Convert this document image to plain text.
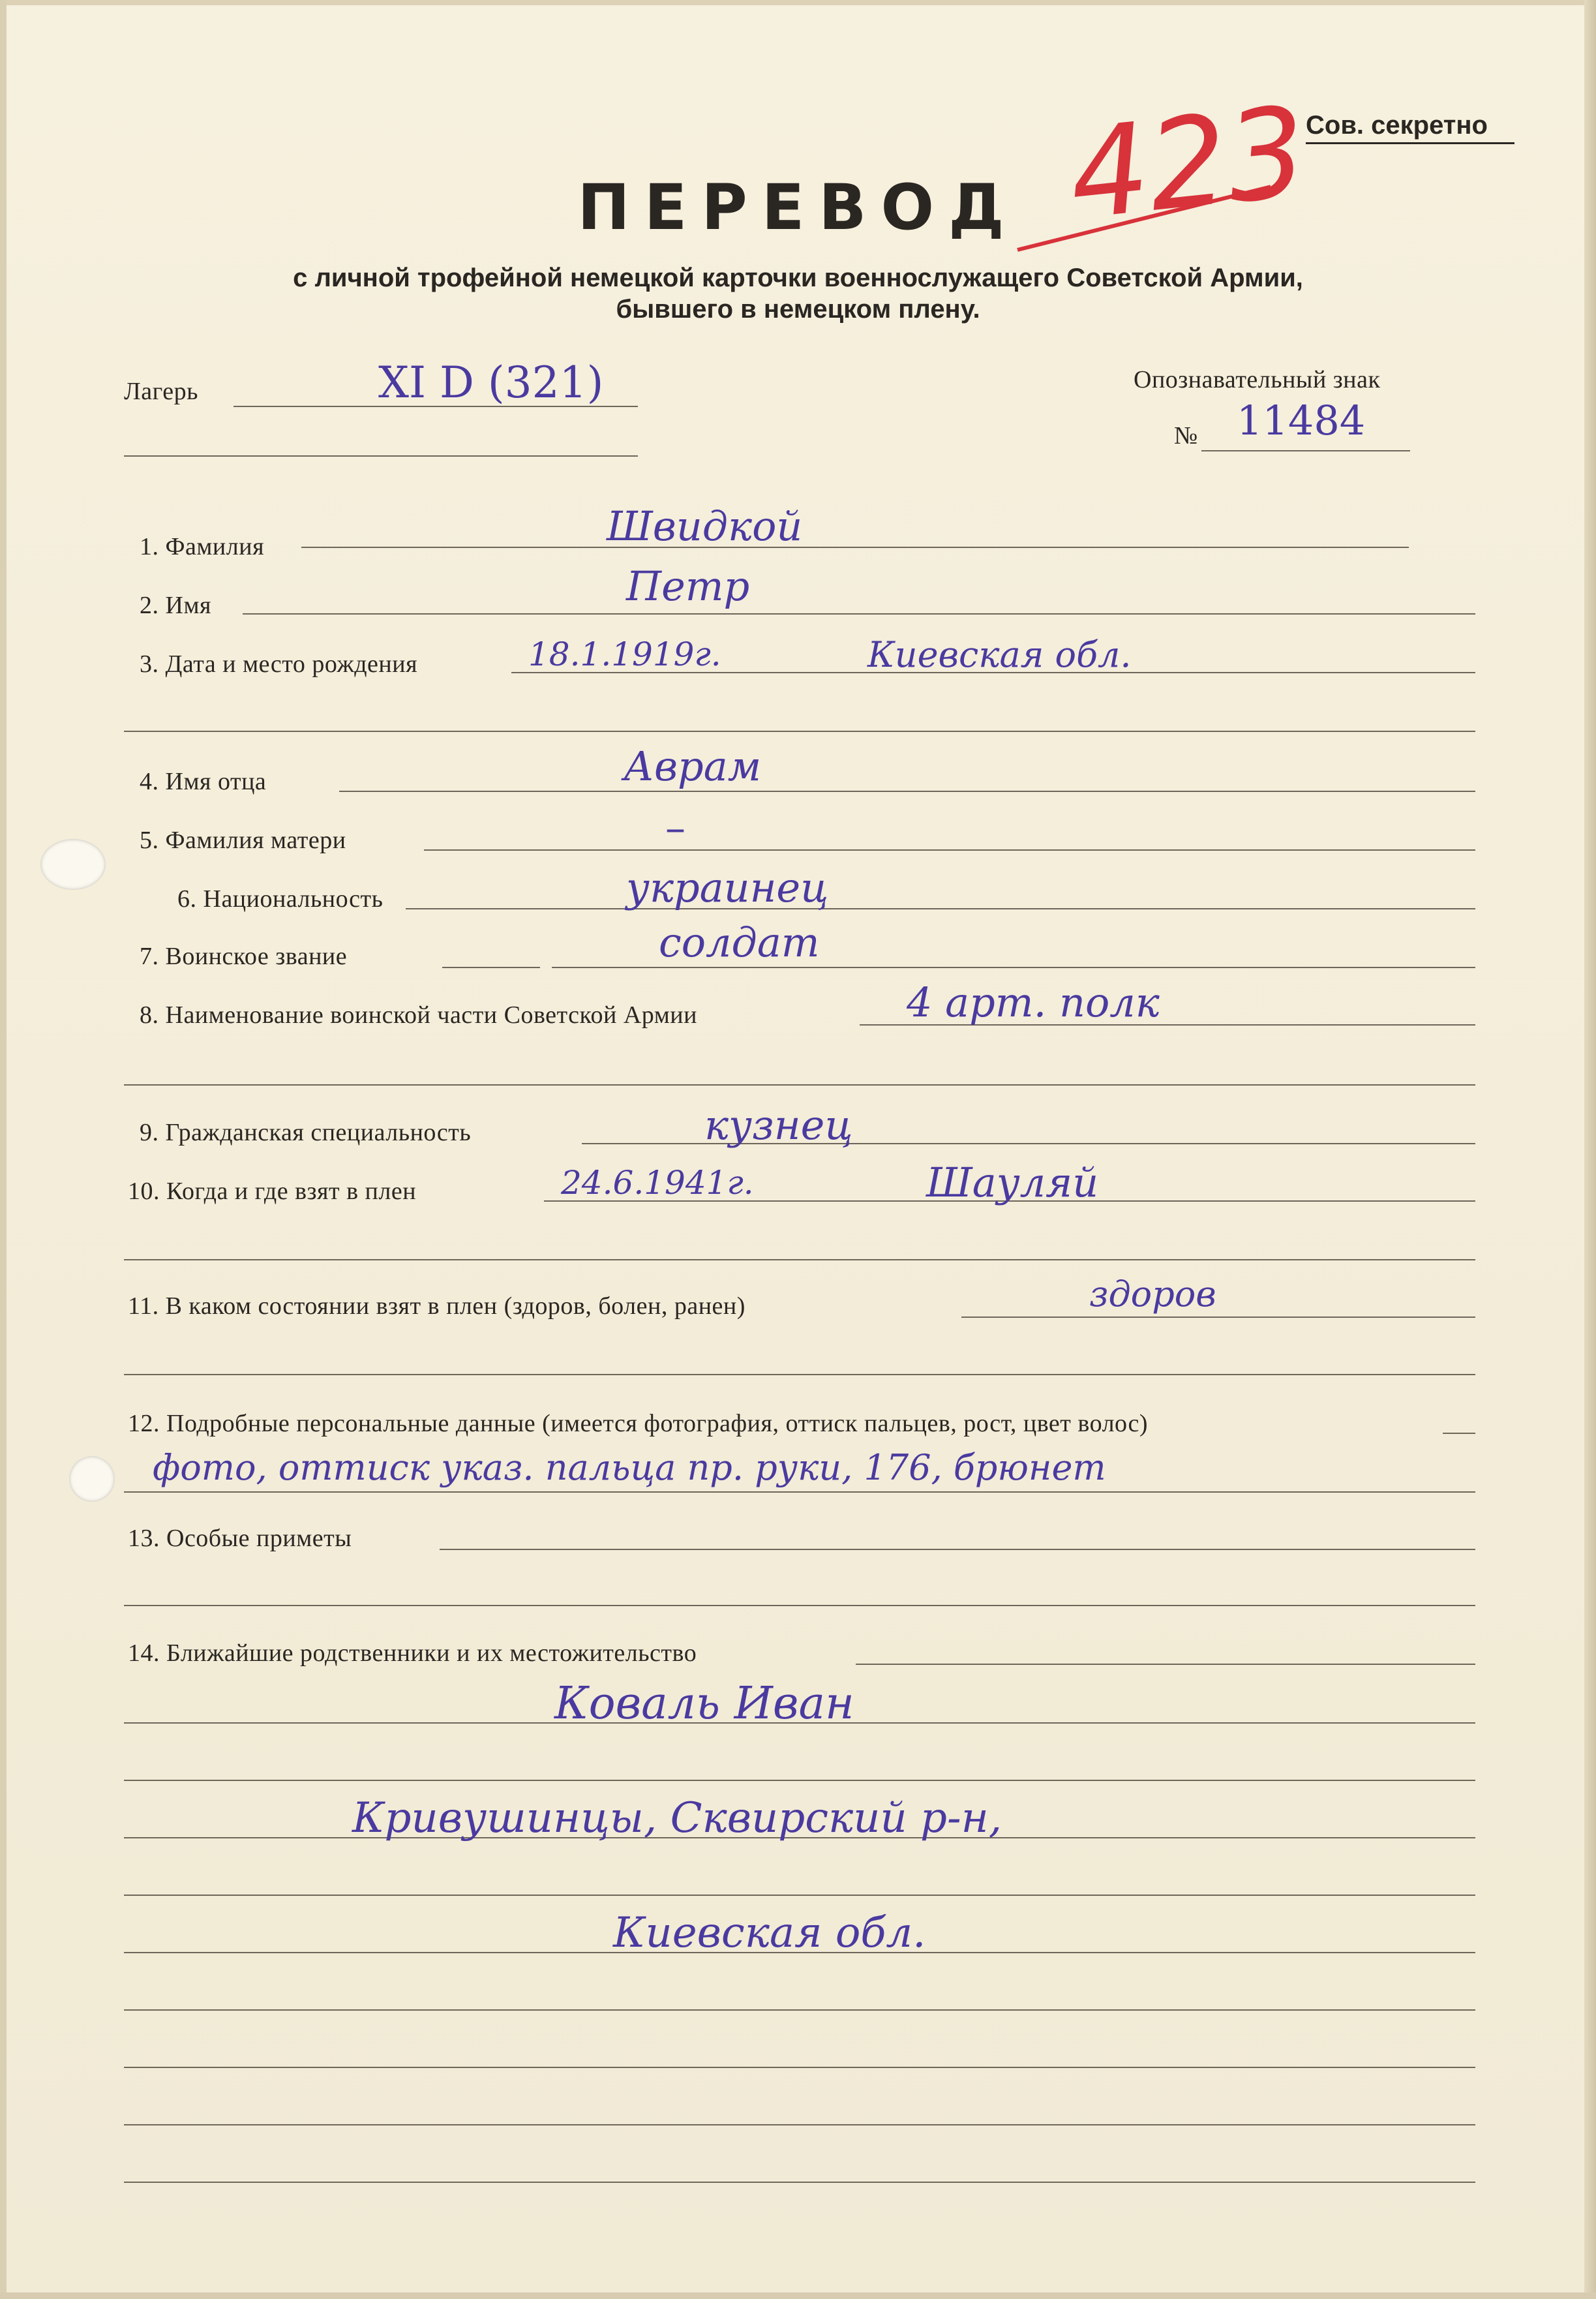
Сов. секретно
423
ПЕРЕВОД
с личной трофейной немецкой карточки военнослужащего Советской Армии,
бывшего в немецком плену.
Лагерь	XI D (321)	Опознавательный знак
№ 11484
1. Фамилия	Швидкой
2. Имя	Петр
3. Дата и место рождения	18.1.1919г.	Киевская обл.
4. Имя отца	Аврам
5. Фамилия матери	–
6. Национальность	украинец
7. Воинское звание	солдат
8. Наименование воинской части Советской Армии	4 арт. полк
9. Гражданская специальность	кузнец
10. Когда и где взят в плен	24.6.1941г.	Шауляй
11. В каком состоянии взят в плен (здоров, болен, ранен)	здоров
12. Подробные персональные данные (имеется фотография, оттиск пальцев, рост, цвет волос)
фото, оттиск указ. пальца пр. руки, 176, брюнет
13. Особые приметы
14. Ближайшие родственники и их местожительство
Коваль Иван
Кривушинцы, Сквирский р-н,
Киевская обл.
